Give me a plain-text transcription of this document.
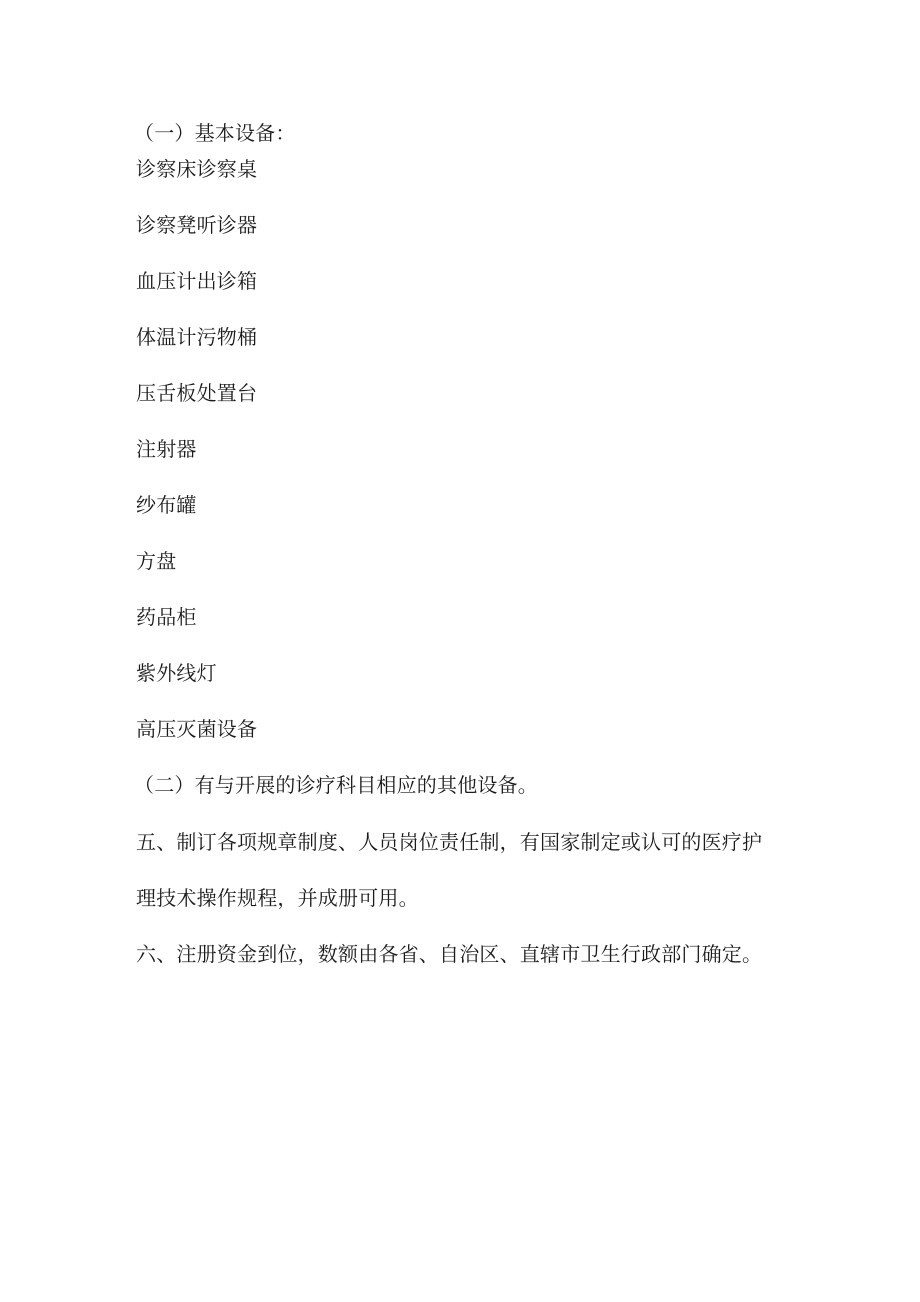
（一）基本设备：
诊察床诊察桌
诊察凳听诊器
血压计出诊箱
体温计污物桶
压舌板处置台
注射器
纱布罐
方盘
药品柜
紫外线灯
高压灭菌设备
（二）有与开展的诊疗科目相应的其他设备。
五、制订各项规章制度、人员岗位责任制，有国家制定或认可的医疗护
理技术操作规程，并成册可用。
六、注册资金到位，数额由各省、自治区、直辖市卫生行政部门确定。
